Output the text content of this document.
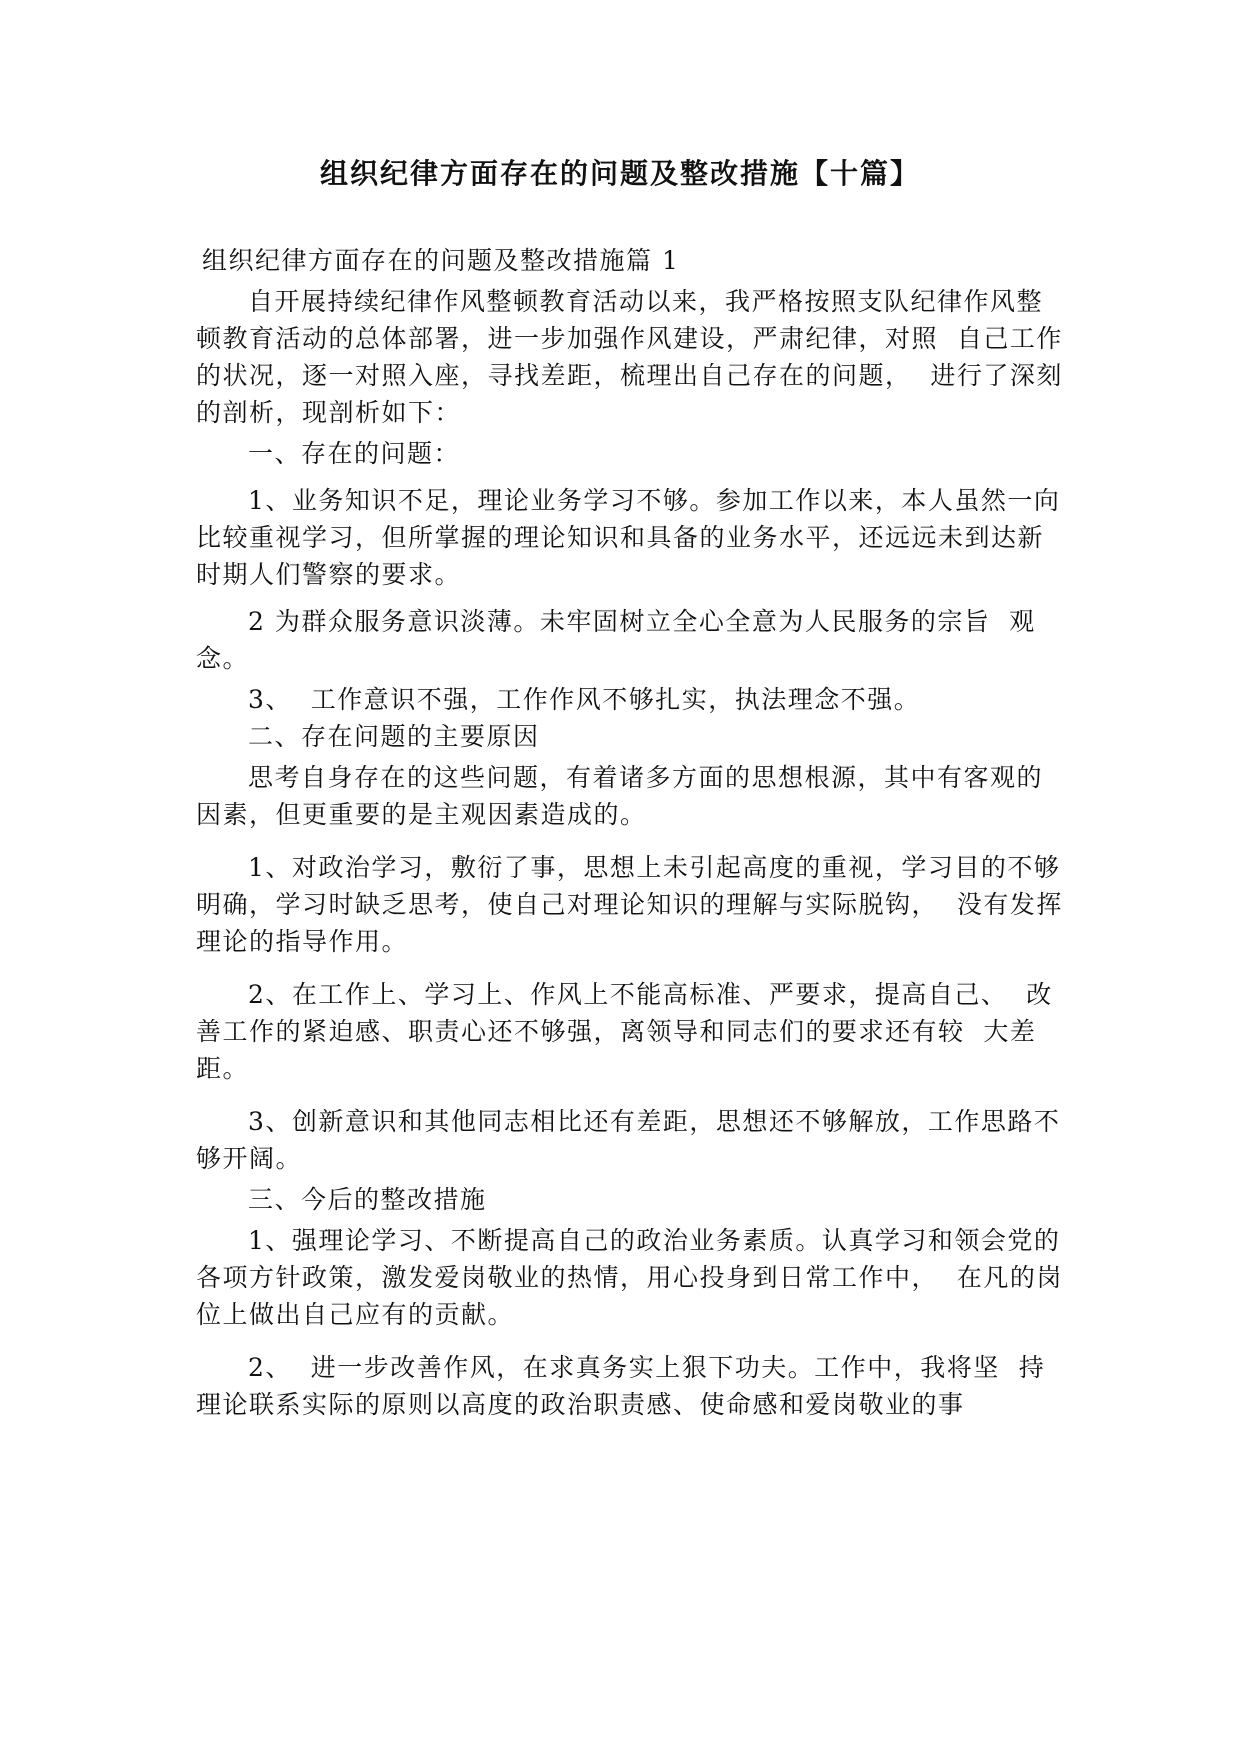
组织纪律方面存在的问题及整改措施【十篇】

组织纪律方面存在的问题及整改措施篇 1

自开展持续纪律作风整顿教育活动以来，我严格按照支队纪律作风整顿教育活动的总体部署，进一步加强作风建设，严肃纪律，对照  自己工作的状况，逐一对照入座，寻找差距，梳理出自己存在的问题，  进行了深刻的剖析，现剖析如下：

一、存在的问题：

1、业务知识不足，理论业务学习不够。参加工作以来，本人虽然一向比较重视学习，但所掌握的理论知识和具备的业务水平，还远远未到达新时期人们警察的要求。

2 为群众服务意识淡薄。未牢固树立全心全意为人民服务的宗旨  观念。

3、  工作意识不强，工作作风不够扎实，执法理念不强。

二、存在问题的主要原因

思考自身存在的这些问题，有着诸多方面的思想根源，其中有客观的因素，但更重要的是主观因素造成的。

1、对政治学习，敷衍了事，思想上未引起高度的重视，学习目的不够明确，学习时缺乏思考，使自己对理论知识的理解与实际脱钩，  没有发挥理论的指导作用。

2、在工作上、学习上、作风上不能高标准、严要求，提高自己、  改善工作的紧迫感、职责心还不够强，离领导和同志们的要求还有较  大差距。

3、创新意识和其他同志相比还有差距，思想还不够解放，工作思路不够开阔。

三、今后的整改措施

1、强理论学习、不断提高自己的政治业务素质。认真学习和领会党的各项方针政策，激发爱岗敬业的热情，用心投身到日常工作中，  在凡的岗位上做出自己应有的贡献。

2、  进一步改善作风，在求真务实上狠下功夫。工作中，我将坚  持理论联系实际的原则以高度的政治职责感、使命感和爱岗敬业的事
